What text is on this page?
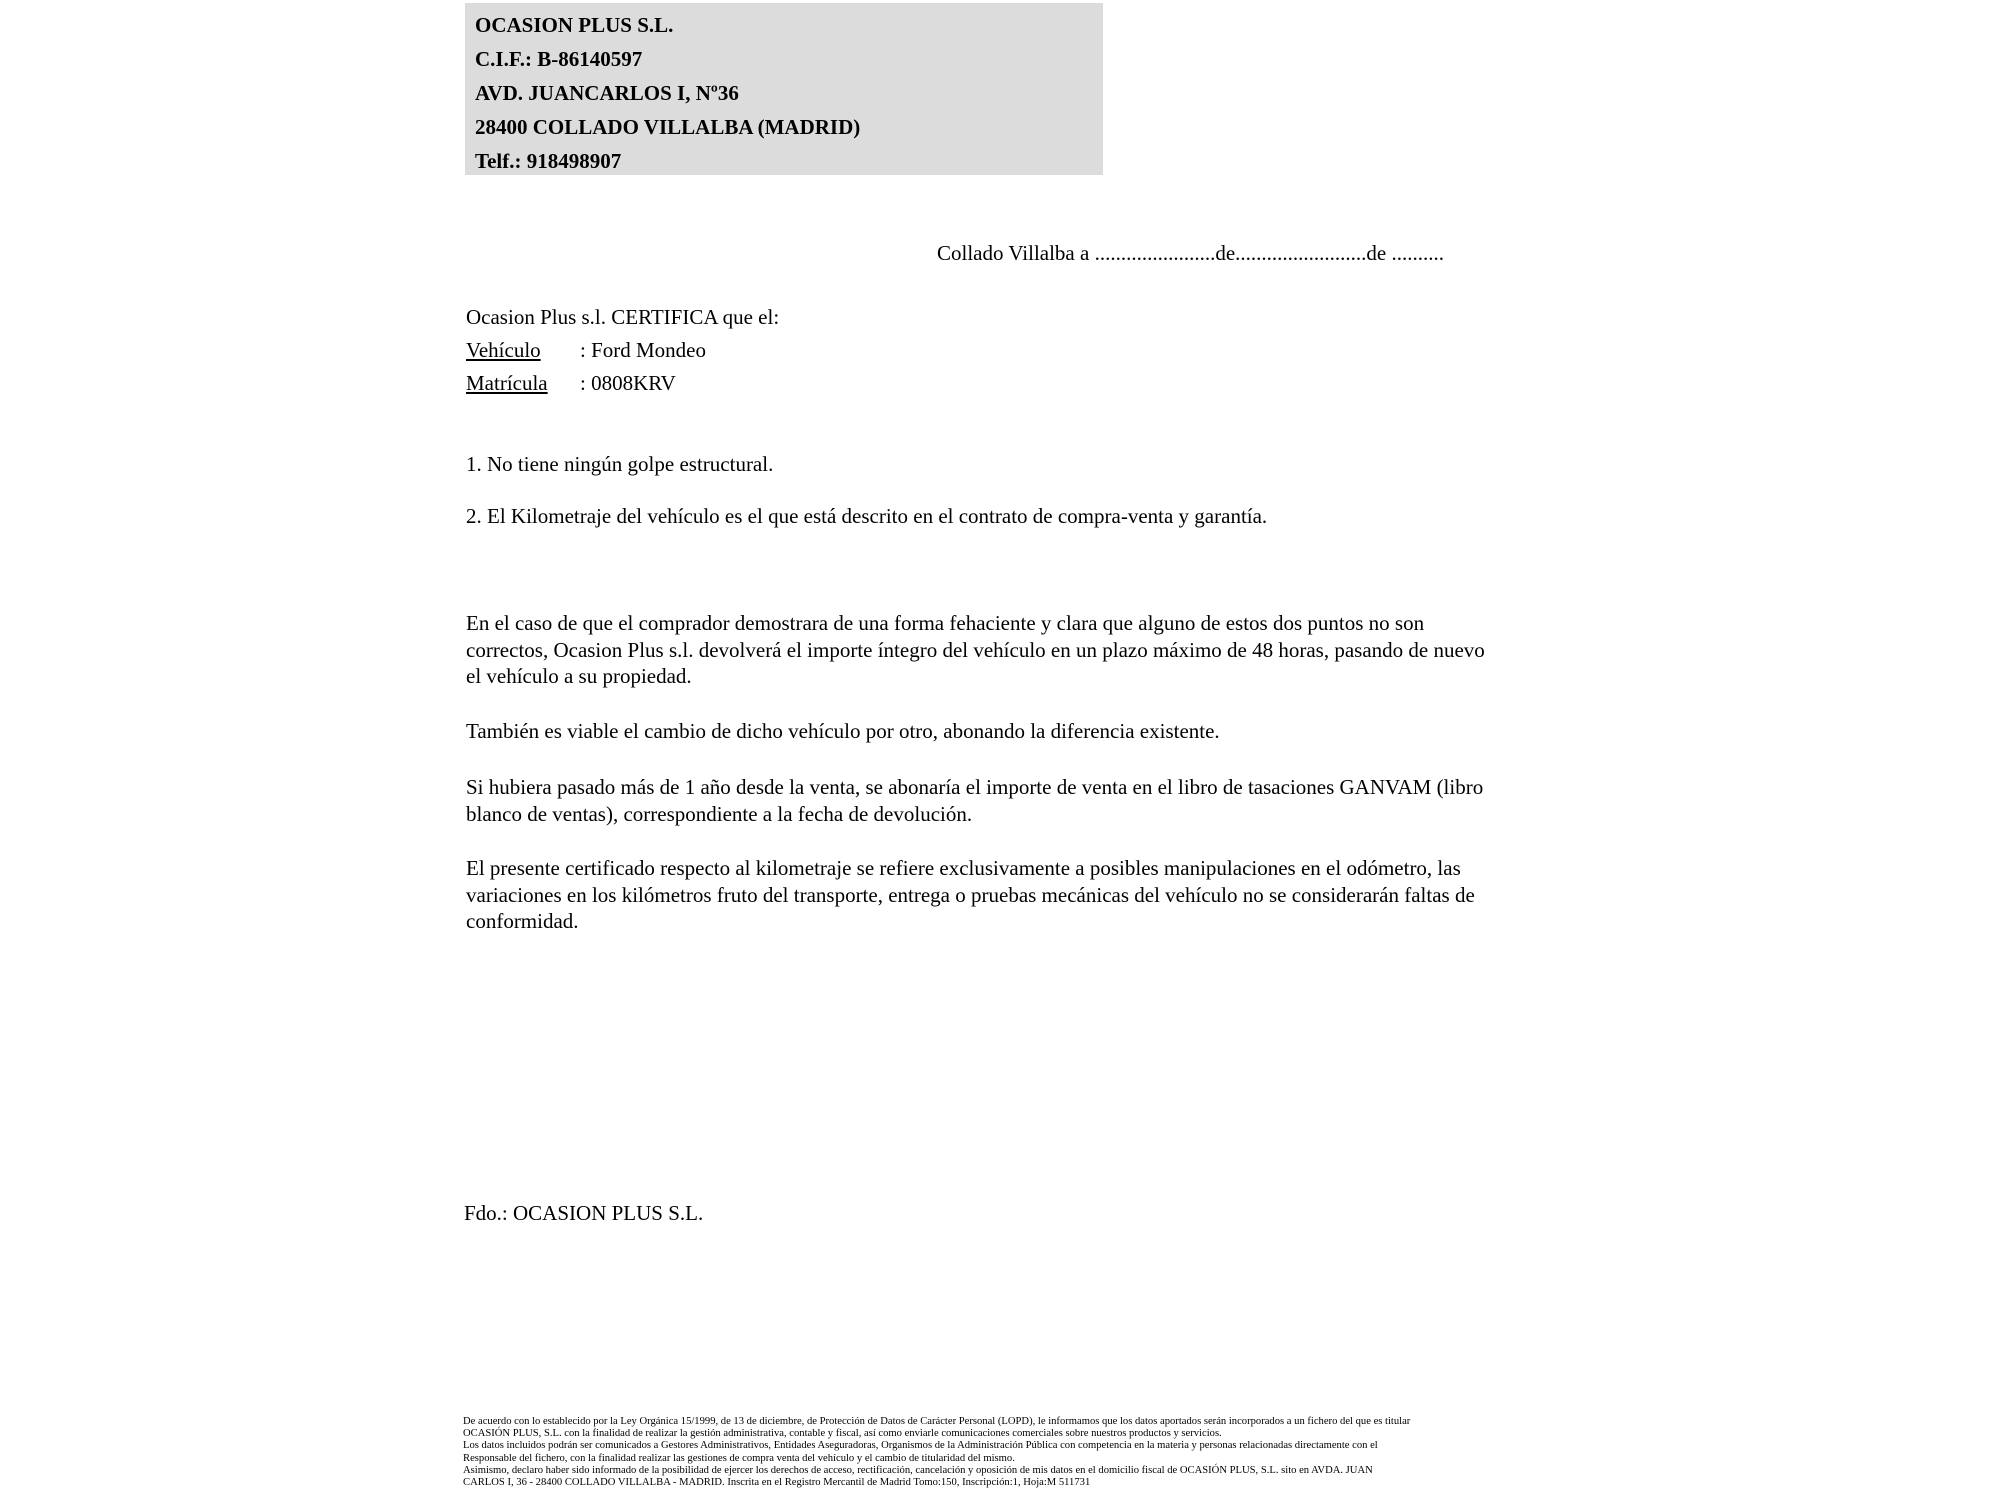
OCASION PLUS S.L.
C.I.F.: B-86140597
AVD. JUANCARLOS I, Nº36
28400 COLLADO VILLALBA (MADRID)
Telf.: 918498907
Collado Villalba a .......................de.........................de ..........
Ocasion Plus s.l. CERTIFICA que el:
Vehículo : Ford Mondeo
Matrícula : 0808KRV
1. No tiene ningún golpe estructural.
2. El Kilometraje del vehículo es el que está descrito en el contrato de compra-venta y garantía.
En el caso de que el comprador demostrara de una forma fehaciente y clara que alguno de estos dos puntos no son correctos, Ocasion Plus s.l. devolverá el importe íntegro del vehículo en un plazo máximo de 48 horas, pasando de nuevo el vehículo a su propiedad.
También es viable el cambio de dicho vehículo por otro, abonando la diferencia existente.
Si hubiera pasado más de 1 año desde la venta, se abonaría el importe de venta en el libro de tasaciones GANVAM (libro blanco de ventas), correspondiente a la fecha de devolución.
El presente certificado respecto al kilometraje se refiere exclusivamente a posibles manipulaciones en el odómetro, las variaciones en los kilómetros fruto del transporte, entrega o pruebas mecánicas del vehículo no se considerarán faltas de conformidad.
Fdo.: OCASION PLUS S.L.
De acuerdo con lo establecido por la Ley Orgánica 15/1999, de 13 de diciembre, de Protección de Datos de Carácter Personal (LOPD), le informamos que los datos aportados serán incorporados a un fichero del que es titular
OCASIÓN PLUS, S.L. con la finalidad de realizar la gestión administrativa, contable y fiscal, así como enviarle comunicaciones comerciales sobre nuestros productos y servicios.
Los datos incluidos podrán ser comunicados a Gestores Administrativos, Entidades Aseguradoras, Organismos de la Administración Pública con competencia en la materia y personas relacionadas directamente con el
Responsable del fichero, con la finalidad realizar las gestiones de compra venta del vehículo y el cambio de titularidad del mismo.
Asimismo, declaro haber sido informado de la posibilidad de ejercer los derechos de acceso, rectificación, cancelación y oposición de mis datos en el domicilio fiscal de OCASIÓN PLUS, S.L. sito en AVDA. JUAN
CARLOS I, 36 - 28400 COLLADO VILLALBA - MADRID. Inscrita en el Registro Mercantil de Madrid Tomo:150, Inscripción:1, Hoja:M 511731
